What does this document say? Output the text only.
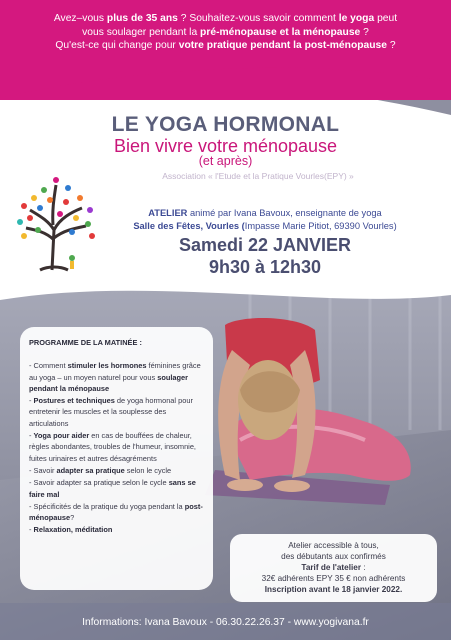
Avez–vous plus de 35 ans ? Souhaitez-vous savoir comment le yoga peut
vous soulager pendant la pré-ménopause et la ménopause ?
Qu'est-ce qui change pour votre pratique pendant la post-ménopause ?
LE YOGA HORMONAL
Bien vivre votre ménopause
(et après)
Association « l'Etude et la Pratique Vourles(EPY) »
ATELIER animé par Ivana Bavoux, enseignante de yoga
Salle des Fêtes, Vourles (Impasse Marie Pitiot, 69390 Vourles)
Samedi 22 JANVIER
9h30 à 12h30
PROGRAMME DE LA MATINÉE :
- Comment stimuler les hormones féminines grâce au yoga – un moyen naturel pour vous soulager pendant la ménopause
- Postures et techniques de yoga hormonal pour entretenir les muscles et la souplesse des articulations
- Yoga pour aider en cas de bouffées de chaleur, règles abondantes, troubles de l'humeur, insomnie, fuites urinaires et autres désagréments
- Savoir adapter sa pratique selon le cycle
- Savoir adapter sa pratique selon le cycle sans se faire mal
- Spécificités de la pratique du yoga pendant la post-ménopause?
- Relaxation, méditation
Atelier accessible à tous,
des débutants aux confirmés
Tarif de l'atelier :
32€ adhérents EPY 35 € non adhérents
Inscription avant le 18 janvier 2022.
Informations: Ivana Bavoux - 06.30.22.26.37 - www.yogivana.fr
